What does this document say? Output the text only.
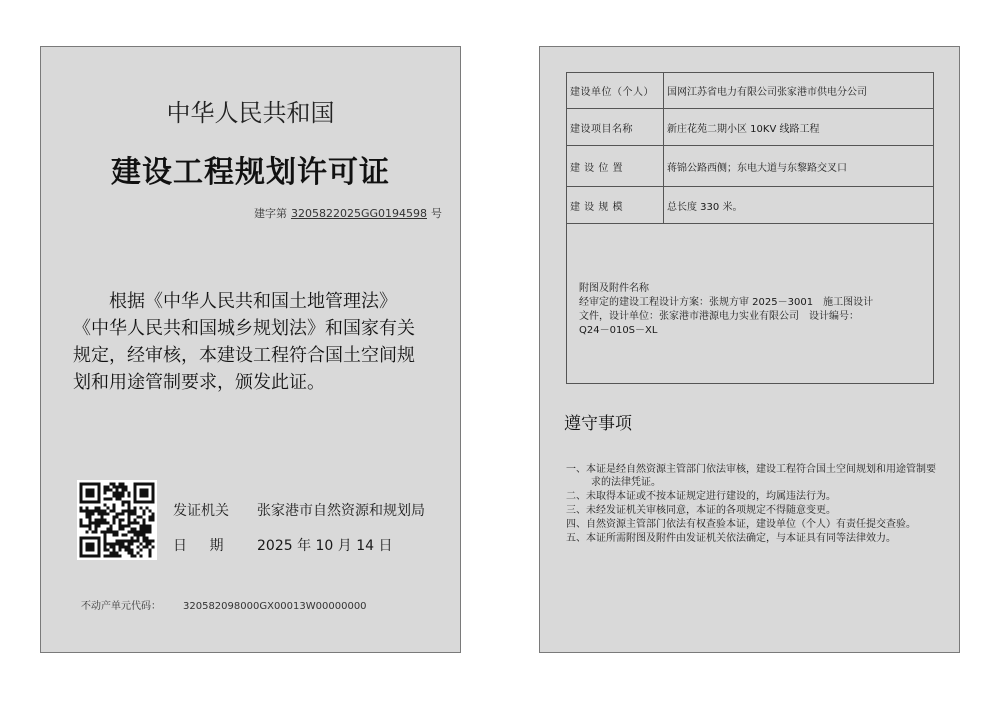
中华人民共和国
建设工程规划许可证
建字第 3205822025GG0194598 号

根据《中华人民共和国土地管理法》

《中华人民共和国城乡规划法》和国家有关

规定，经审核，本建设工程符合国土空间规

划和用途管制要求，颁发此证。

发证机关 张家港市自然资源和规划局
日 期 2025 年 10 月 14 日
不动产单元代码： 320582098000GX00013W00000000
建设单位（个人）	国网江苏省电力有限公司张家港市供电分公司
建设项目名称	新庄花苑二期小区 10KV 线路工程
建 设 位 置	蒋锦公路西侧；东电大道与东黎路交叉口
建 设 规 模	总长度 330 米。

附图及附件名称
经审定的建设工程设计方案：张规方审 2025－3001　施工图设计
文件，设计单位：张家港市港源电力实业有限公司　设计编号：
Q24－010S－XL	
遵守事项
一、本证是经自然资源主管部门依法审核，建设工程符合国土空间规划和用途管制要求的法律凭证。
二、未取得本证或不按本证规定进行建设的，均属违法行为。
三、未经发证机关审核同意，本证的各项规定不得随意变更。
四、自然资源主管部门依法有权查验本证，建设单位（个人）有责任提交查验。
五、本证所需附图及附件由发证机关依法确定，与本证具有同等法律效力。
